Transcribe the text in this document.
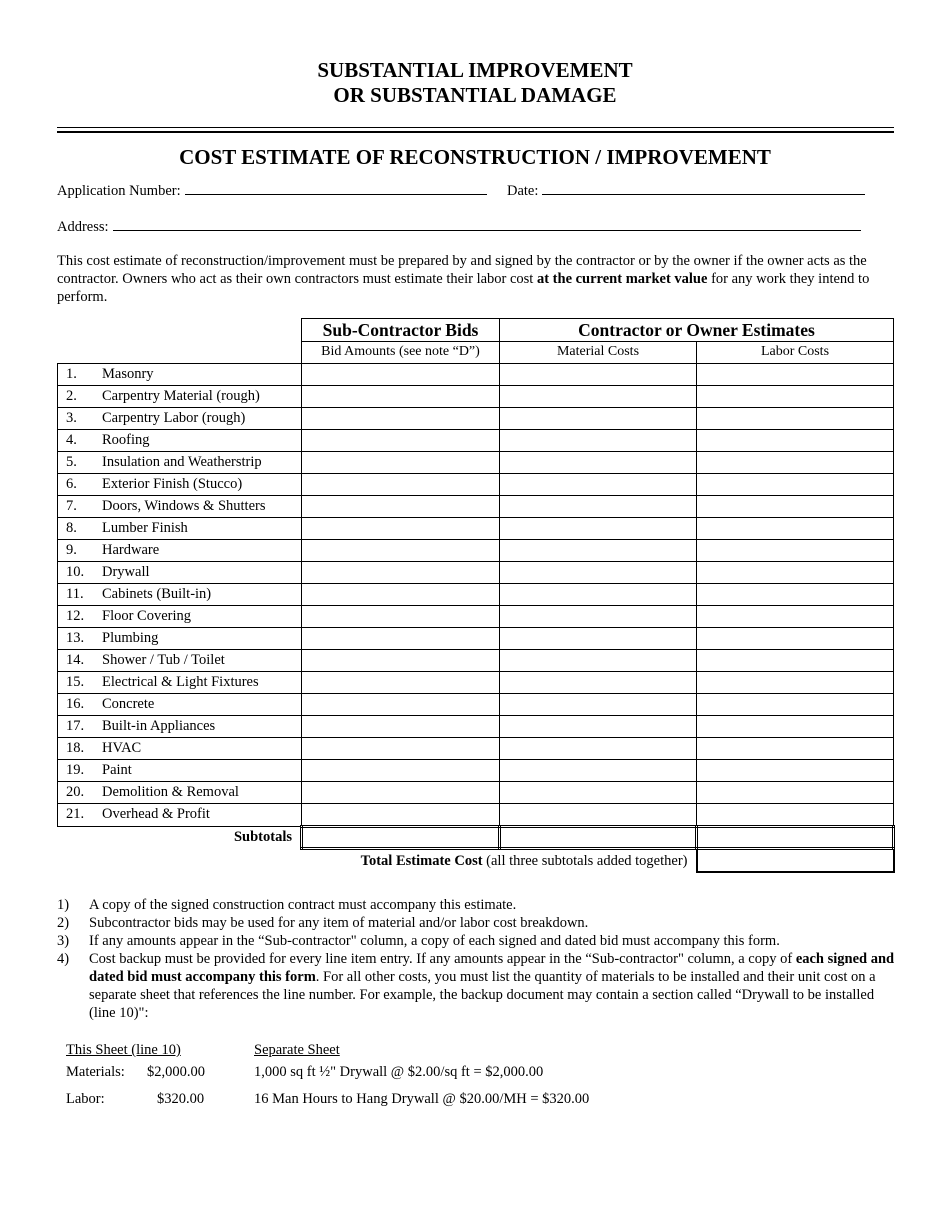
SUBSTANTIAL IMPROVEMENT
OR SUBSTANTIAL DAMAGE
COST ESTIMATE OF RECONSTRUCTION / IMPROVEMENT
Application Number:	Date:
Address:
This cost estimate of reconstruction/improvement must be prepared by and signed by the contractor or by the owner if the owner acts as the contractor. Owners who act as their own contractors must estimate their labor cost at the current market value for any work they intend to perform.
	Sub-Contractor Bids	Contractor or Owner Estimates	
	Bid Amounts (see note “D”)	Material Costs	Labor Costs
1. Masonry			
2. Carpentry Material (rough)			
3. Carpentry Labor (rough)			
4. Roofing			
5. Insulation and Weatherstrip			
6. Exterior Finish (Stucco)			
7. Doors, Windows & Shutters			
8. Lumber Finish			
9. Hardware			
10. Drywall			
11. Cabinets (Built-in)			
12. Floor Covering			
13. Plumbing			
14. Shower / Tub / Toilet			
15. Electrical & Light Fixtures			
16. Concrete			
17. Built-in Appliances			
18. HVAC			
19. Paint			
20. Demolition & Removal			
21. Overhead & Profit			
Subtotals			
Total Estimate Cost (all three subtotals added together)			
1)	A copy of the signed construction contract must accompany this estimate.
2)	Subcontractor bids may be used for any item of material and/or labor cost breakdown.
3)	If any amounts appear in the “Sub-contractor" column, a copy of each signed and dated bid must accompany this form.
4)	Cost backup must be provided for every line item entry. If any amounts appear in the “Sub-contractor" column, a copy of each signed and dated bid must accompany this form. For all other costs, you must list the quantity of materials to be installed and their unit cost on a separate sheet that references the line number. For example, the backup document may contain a section called “Drywall to be installed (line 10)":
This Sheet (line 10)	Separate Sheet
Materials: $2,000.00	1,000 sq ft ½" Drywall @ $2.00/sq ft = $2,000.00
Labor:	$320.00	16 Man Hours to Hang Drywall @ $20.00/MH = $320.00
